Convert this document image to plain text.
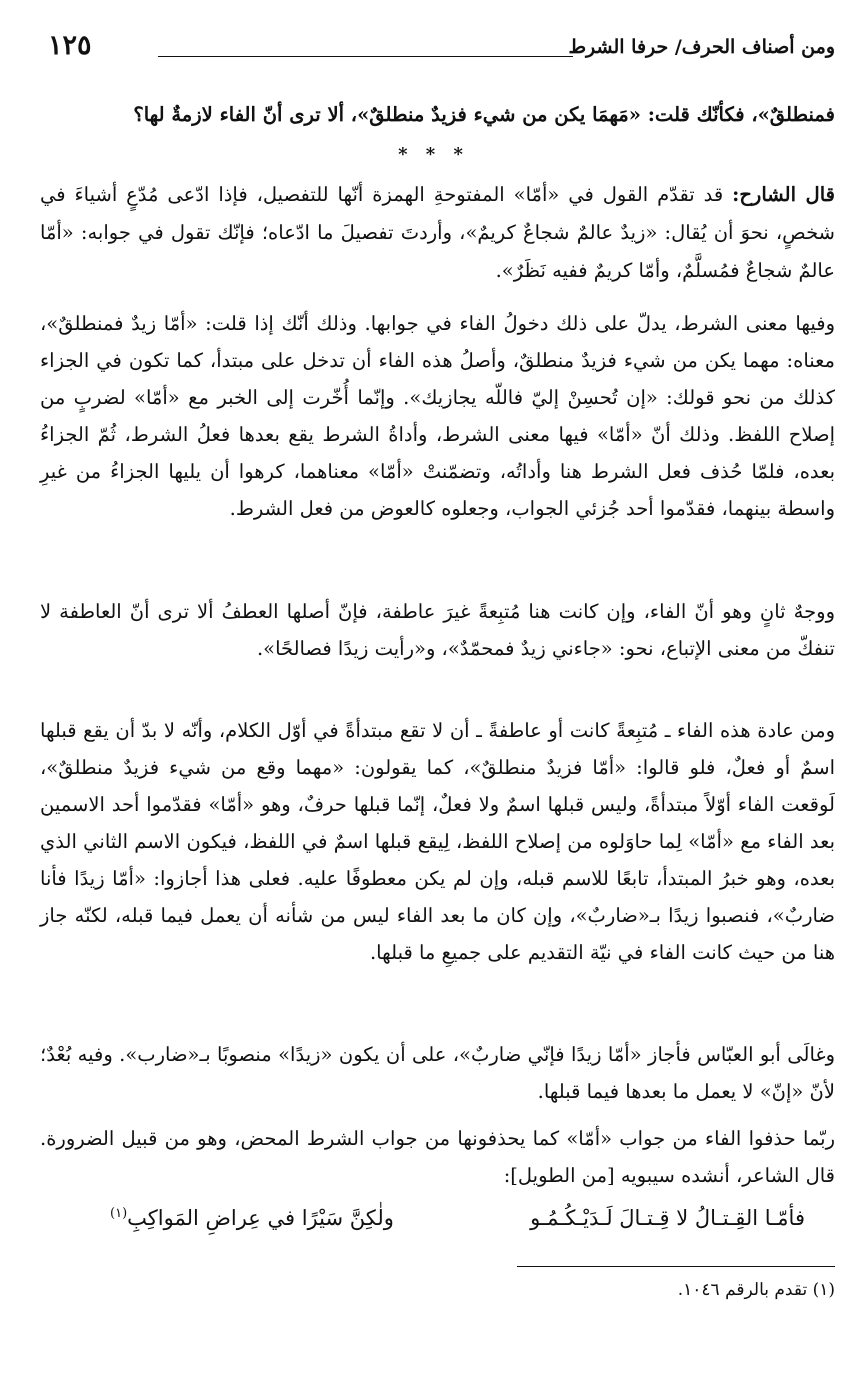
ومن أصناف الحرف/ حرفا الشرط
١٢٥

فمنطلقٌ»، فكأنّك قلت: «مَهمَا يكن من شيء فزيدٌ منطلقٌ»، ألا ترى أنّ الفاء لازمةٌ لها؟

* * *

قال الشارح: قد تقدّم القول في «أمّا» المفتوحةِ الهمزة أنّها للتفصيل، فإذا ادّعى مُدّعٍ أشياءَ في شخصٍ، نحوَ أن يُقال: «زيدٌ عالمٌ شجاعٌ كريمٌ»، وأردتَ تفصيلَ ما ادّعاه؛ فإنّك تقول في جوابه: «أمّا عالمٌ شجاعٌ فمُسلَّمٌ، وأمّا كريمٌ ففيه نَظَرٌ».

وفيها معنى الشرط، يدلّ على ذلك دخولُ الفاء في جوابها. وذلك أنّك إذا قلت: «أمّا زيدٌ فمنطلقٌ»، معناه: مهما يكن من شيء فزيدٌ منطلقٌ، وأصلُ هذه الفاء أن تدخل على مبتدأ، كما تكون في الجزاء كذلك من نحو قولك: «إن تُحسِنْ إليّ فاللّه يجازيك». وإنّما أُخّرت إلى الخبر مع «أمّا» لضربٍ من إصلاح اللفظ. وذلك أنّ «أمّا» فيها معنى الشرط، وأداةُ الشرط يقع بعدها فعلُ الشرط، ثُمّ الجزاءُ بعده، فلمّا حُذف فعل الشرط هنا وأداتُه، وتضمّنتْ «أمّا» معناهما، كرهوا أن يليها الجزاءُ من غيرِ واسطة بينهما، فقدّموا أحد جُزئي الجواب، وجعلوه كالعوض من فعل الشرط.

ووجهٌ ثانٍ وهو أنّ الفاء، وإن كانت هنا مُتبِعةً غيرَ عاطفة، فإنّ أصلها العطفُ ألا ترى أنّ العاطفة لا تنفكّ من معنى الإتباع، نحو: «جاءني زيدٌ فمحمّدٌ»، و«رأيت زيدًا فصالحًا».

ومن عادة هذه الفاء ـ مُتبِعةً كانت أو عاطفةً ـ أن لا تقع مبتدأةً في أوّل الكلام، وأنّه لا بدّ أن يقع قبلها اسمٌ أو فعلٌ، فلو قالوا: «أمّا فزيدٌ منطلقٌ»، كما يقولون: «مهما وقع من شيء فزيدٌ منطلقٌ»، لَوقعت الفاء أوّلاً مبتدأةً، وليس قبلها اسمٌ ولا فعلٌ، إنّما قبلها حرفٌ، وهو «أمّا» فقدّموا أحد الاسمين بعد الفاء مع «أمّا» لِما حاوَلوه من إصلاح اللفظ، لِيقع قبلها اسمٌ في اللفظ، فيكون الاسم الثاني الذي بعده، وهو خبرُ المبتدأ، تابعًا للاسم قبله، وإن لم يكن معطوفًا عليه. فعلى هذا أجازوا: «أمّا زيدًا فأنا ضاربٌ»، فنصبوا زيدًا بـ«ضاربٌ»، وإن كان ما بعد الفاء ليس من شأنه أن يعمل فيما قبله، لكنّه جاز هنا من حيث كانت الفاء في نيّة التقديم على جميعِ ما قبلها.

وغالَى أبو العبّاس فأجاز «أمّا زيدًا فإنّي ضاربٌ»، على أن يكون «زيدًا» منصوبًا بـ«ضارب». وفيه بُعْدٌ؛ لأنّ «إنّ» لا يعمل ما بعدها فيما قبلها.

ربّما حذفوا الفاء من جواب «أمّا» كما يحذفونها من جواب الشرط المحض، وهو من قبيل الضرورة. قال الشاعر، أنشده سيبويه [من الطويل]:

فأمّـا القِـتـالُ لا قِـتـالَ لَـدَيْـكُـمُـو
ولٰكِنَّ سَيْرًا في عِراضِ المَواكِبِ$^{(١)}$
(١) تقدم بالرقم ١٠٤٦.
